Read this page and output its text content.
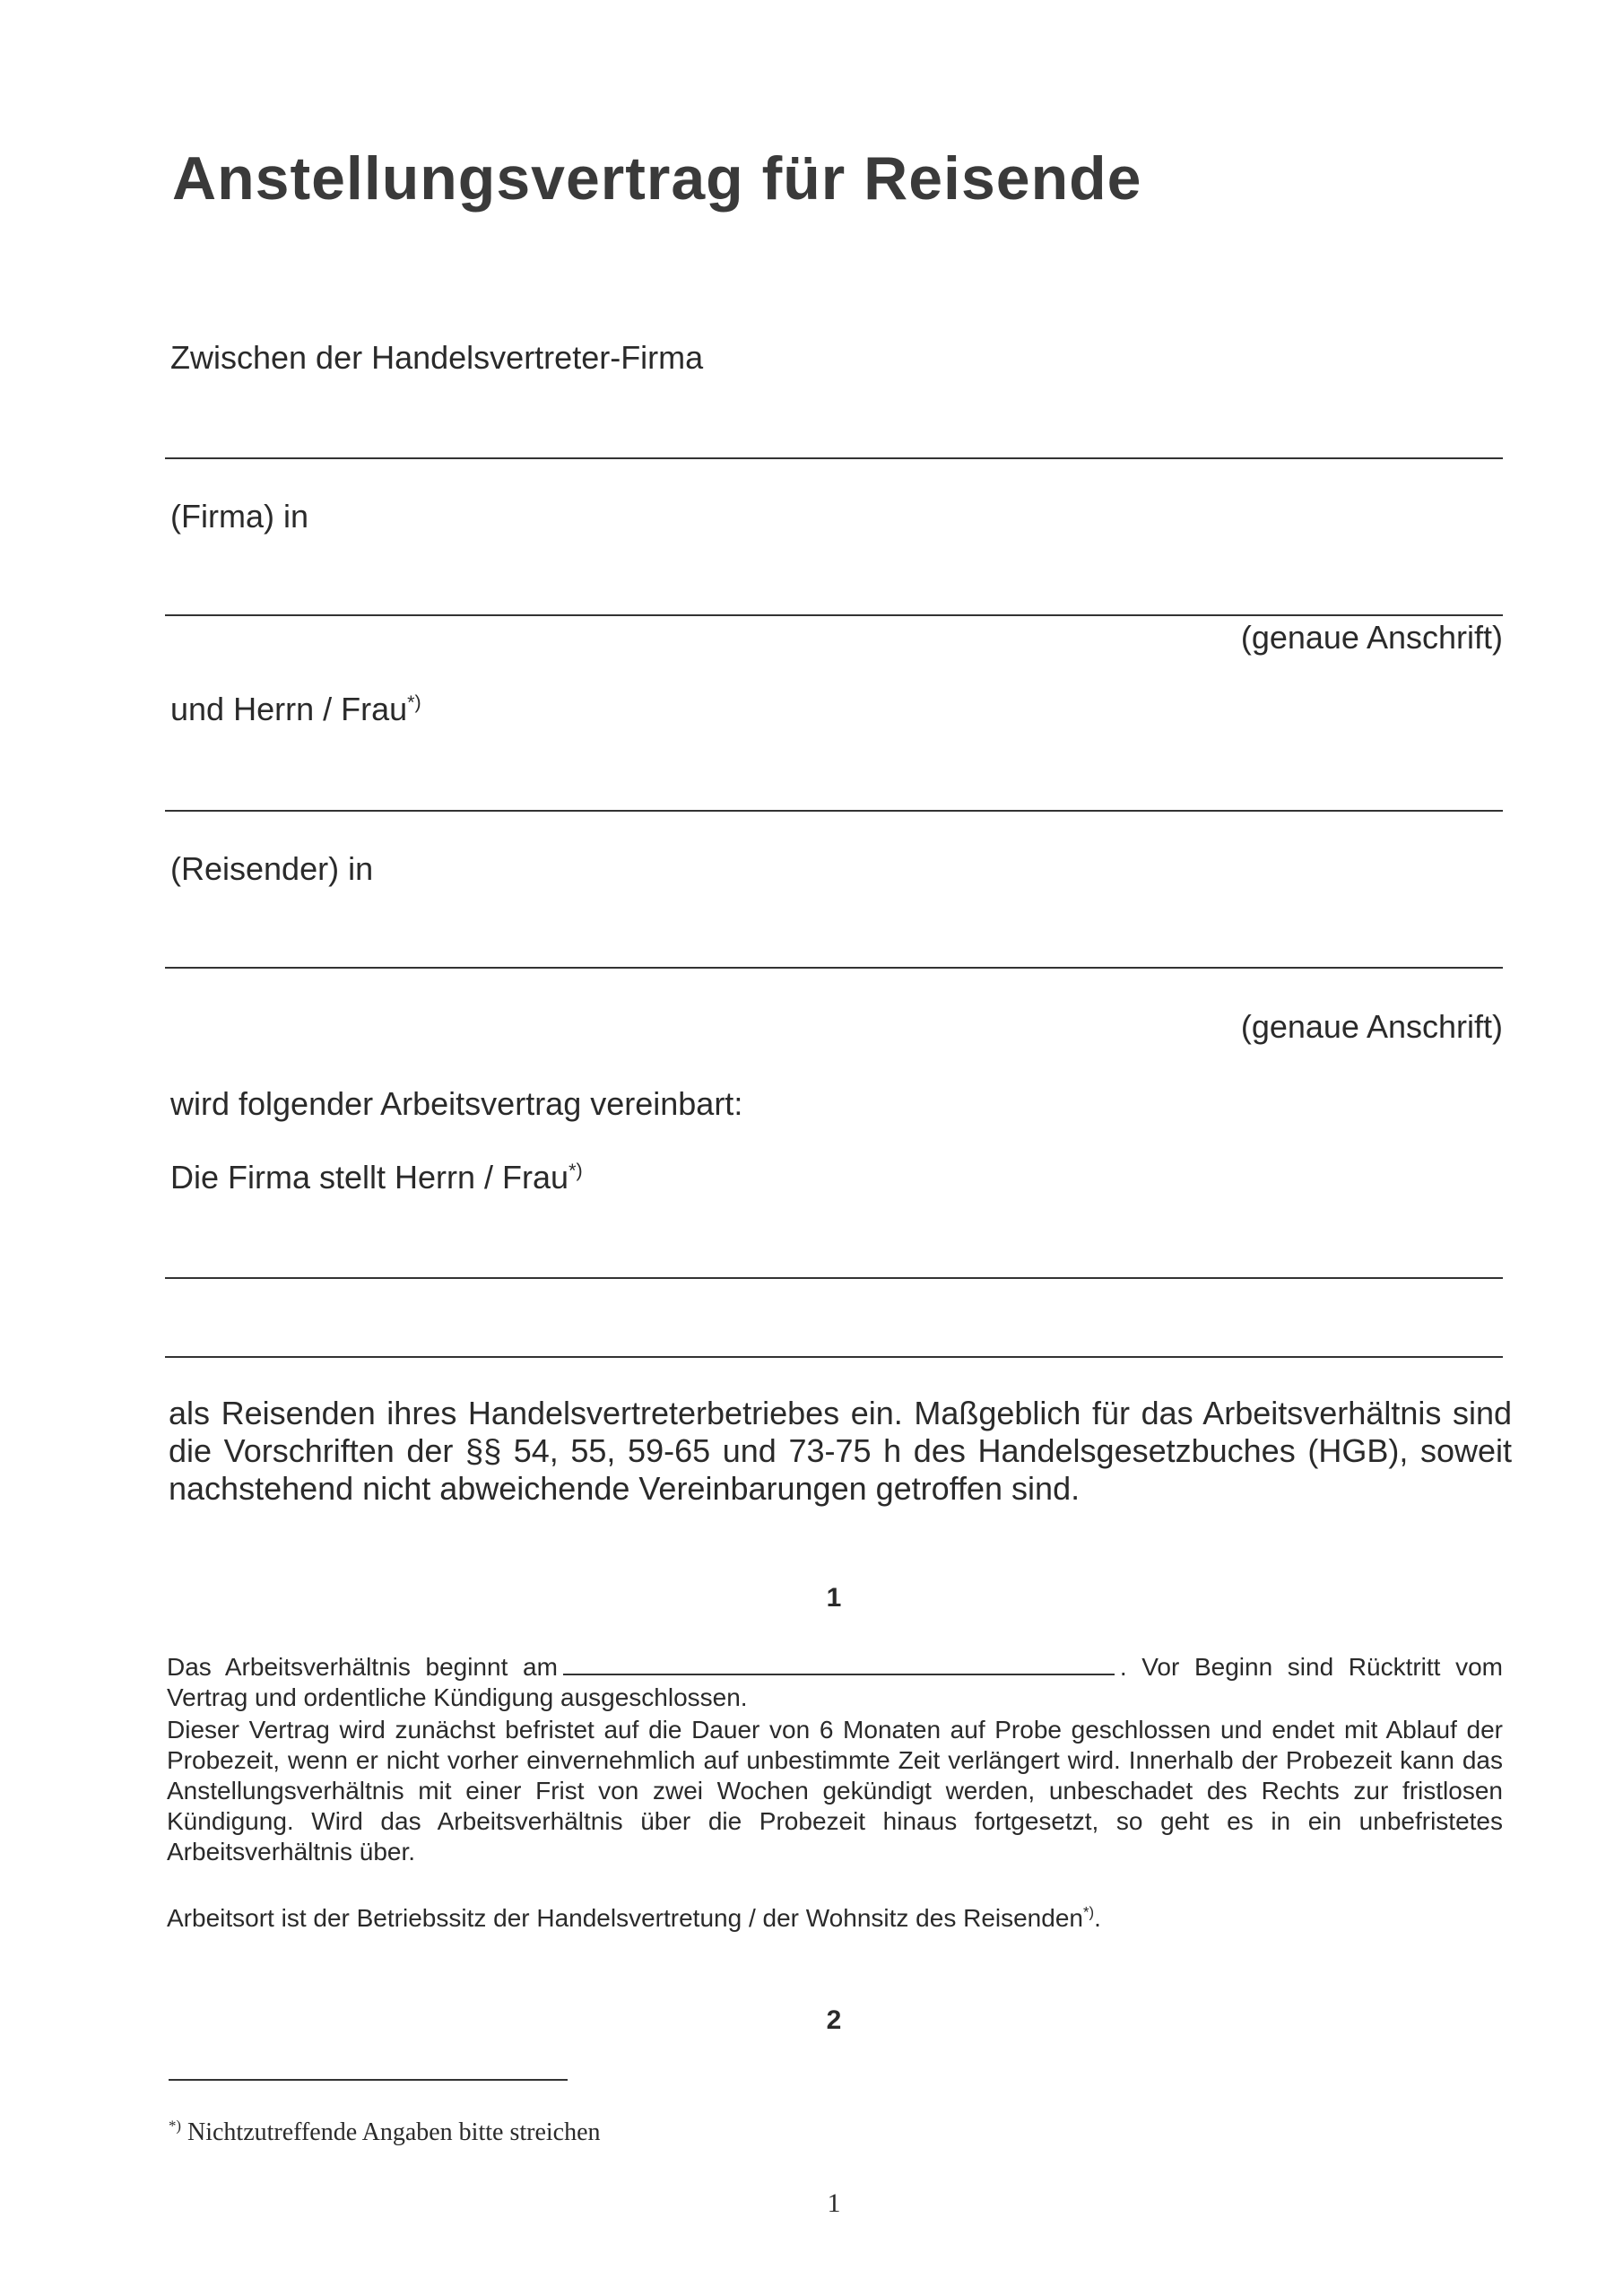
Anstellungsvertrag für Reisende
Zwischen der Handelsvertreter-Firma
(Firma) in
(genaue Anschrift)
und Herrn / Frau*)
(Reisender) in
(genaue Anschrift)
wird folgender Arbeitsvertrag vereinbart:
Die Firma stellt Herrn / Frau*)
als Reisenden ihres Handelsvertreterbetriebes ein. Maßgeblich für das Arbeitsverhältnis sind die Vorschriften der §§ 54, 55, 59-65 und 73-75 h des Handelsgesetzbuches (HGB), soweit nachstehend nicht abweichende Vereinbarungen getroffen sind.
1
Das Arbeitsverhältnis beginnt am	. Vor Beginn sind Rücktritt vom Vertrag und ordentliche Kündigung ausgeschlossen.
Dieser Vertrag wird zunächst befristet auf die Dauer von 6 Monaten auf Probe geschlossen und endet mit Ablauf der Probezeit, wenn er nicht vorher einvernehmlich auf unbestimmte Zeit verlängert wird. Innerhalb der Probezeit kann das Anstellungsverhältnis mit einer Frist von zwei Wochen gekündigt werden, unbeschadet des Rechts zur fristlosen Kündigung. Wird das Arbeitsverhältnis über die Probezeit hinaus fortgesetzt, so geht es in ein unbefristetes Arbeitsverhältnis über.
Arbeitsort ist der Betriebssitz der Handelsvertretung / der Wohnsitz des Reisenden*).
2
*) Nichtzutreffende Angaben bitte streichen
1
